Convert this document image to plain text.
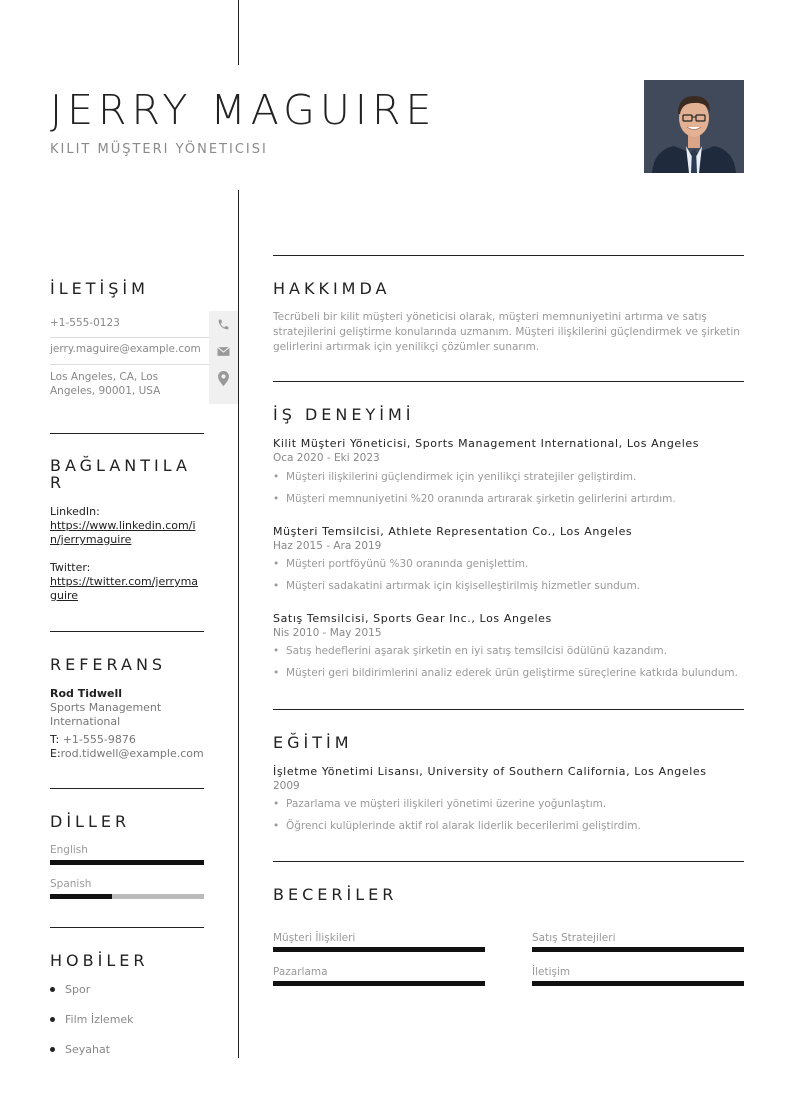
JERRY MAGUIRE
KILIT MÜŞTERI YÖNETICISI
İLETİŞİM
+1-555-0123
jerry.maguire@example.com
Los Angeles, CA, Los Angeles, 90001, USA
BAĞLANTILA R
LinkedIn:
https://www.linkedin.com/in/jerrymaguire
Twitter:
https://twitter.com/jerrymaguire
REFERANS
Rod Tidwell
Sports Management International
T: +1-555-9876
E:rod.tidwell@example.com
DİLLER
English
Spanish
HOBİLER
Spor
Film İzlemek
Seyahat
HAKKIMDA
Tecrübeli bir kilit müşteri yöneticisi olarak, müşteri memnuniyetini artırma ve satış stratejilerini geliştirme konularında uzmanım. Müşteri ilişkilerini güçlendirmek ve şirketin gelirlerini artırmak için yenilikçi çözümler sunarım.
İŞ DENEYİMİ
Kilit Müşteri Yöneticisi, Sports Management International, Los Angeles
Oca 2020 - Eki 2023
• Müşteri ilişkilerini güçlendirmek için yenilikçi stratejiler geliştirdim.
• Müşteri memnuniyetini %20 oranında artırarak şirketin gelirlerini artırdım.
Müşteri Temsilcisi, Athlete Representation Co., Los Angeles
Haz 2015 - Ara 2019
• Müşteri portföyünü %30 oranında genişlettim.
• Müşteri sadakatini artırmak için kişiselleştirilmiş hizmetler sundum.
Satış Temsilcisi, Sports Gear Inc., Los Angeles
Nis 2010 - May 2015
• Satış hedeflerini aşarak şirketin en iyi satış temsilcisi ödülünü kazandım.
• Müşteri geri bildirimlerini analiz ederek ürün geliştirme süreçlerine katkıda bulundum.
EĞİTİM
İşletme Yönetimi Lisansı, University of Southern California, Los Angeles
2009
• Pazarlama ve müşteri ilişkileri yönetimi üzerine yoğunlaştım.
• Öğrenci kulüplerinde aktif rol alarak liderlik becerilerimi geliştirdim.
BECERİLER
Müşteri İlişkileri	Satış Stratejileri
Pazarlama	İletişim
